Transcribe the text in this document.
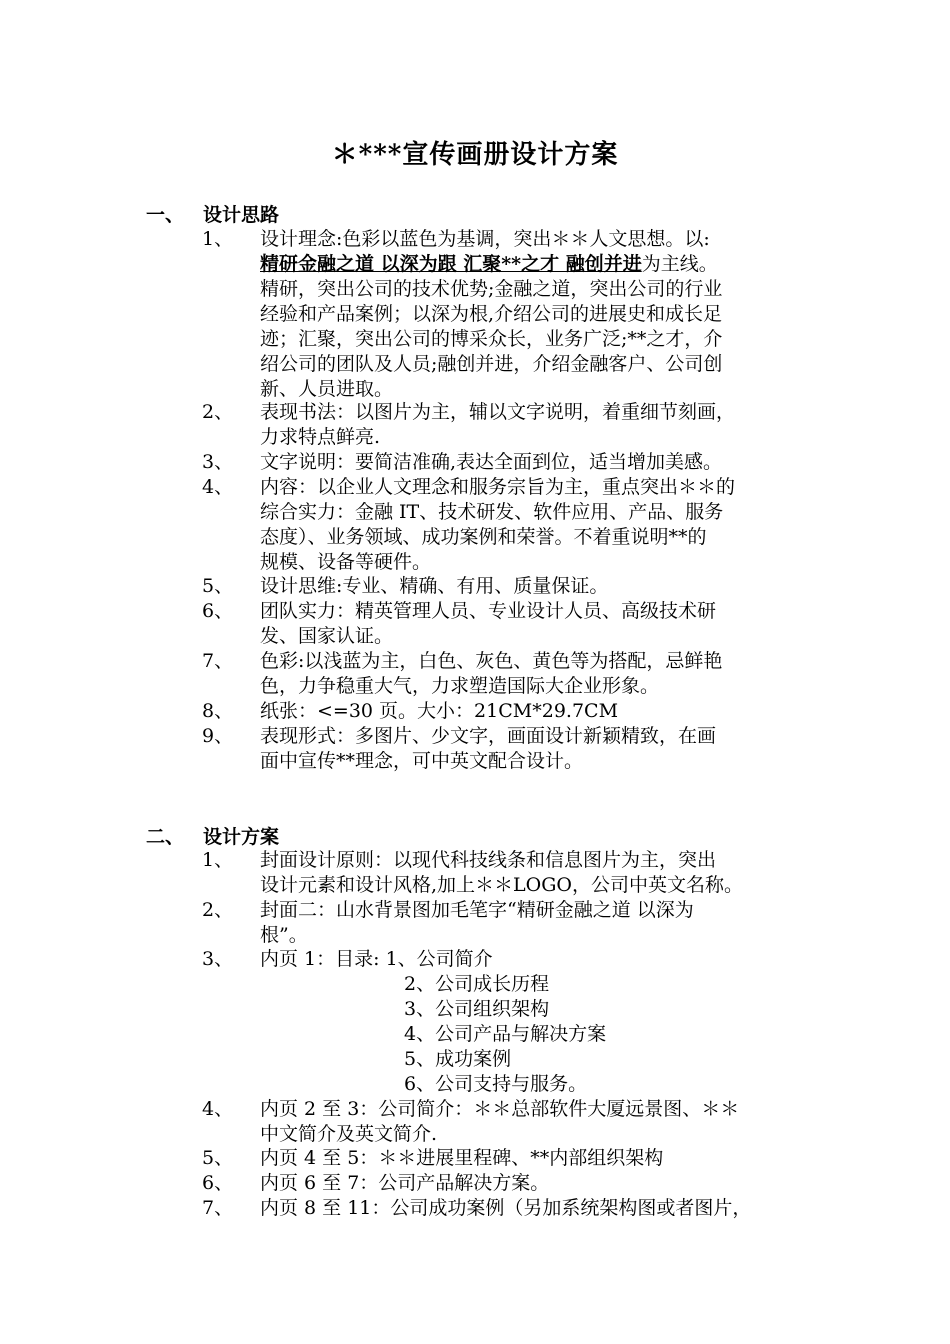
＊***宣传画册设计方案
一、 设计思路
1、	设计理念:色彩以蓝色为基调，突出＊＊人文思想。以:
精研金融之道 以深为跟 汇聚**之才 融创并进为主线。
精研，突出公司的技术优势;金融之道，突出公司的行业
经验和产品案例；以深为根,介绍公司的进展史和成长足
迹；汇聚，突出公司的博采众长，业务广泛;**之才，介
绍公司的团队及人员;融创并进，介绍金融客户、公司创
新、人员进取。
2、	表现书法：以图片为主，辅以文字说明，着重细节刻画，
力求特点鲜亮.
3、	文字说明：要简洁准确,表达全面到位，适当增加美感。
4、	内容：以企业人文理念和服务宗旨为主，重点突出＊＊的
综合实力：金融 IT、技术研发、软件应用、产品、服务
态度）、业务领域、成功案例和荣誉。不着重说明**的
规模、设备等硬件。
5、	设计思维:专业、精确、有用、质量保证。
6、	团队实力：精英管理人员、专业设计人员、高级技术研
发、国家认证。
7、	色彩:以浅蓝为主，白色、灰色、黄色等为搭配，忌鲜艳
色，力争稳重大气，力求塑造国际大企业形象。
8、	纸张：<=30 页。大小：21CM*29.7CM
9、	表现形式：多图片、少文字，画面设计新颖精致，在画
面中宣传**理念，可中英文配合设计。
二、 设计方案
1、	封面设计原则：以现代科技线条和信息图片为主，突出
设计元素和设计风格,加上＊＊LOGO，公司中英文名称。
2、	封面二：山水背景图加毛笔字“精研金融之道 以深为
根”。
3、	内页 1：目录: 1、公司简介
2、公司成长历程
3、公司组织架构
4、公司产品与解决方案
5、成功案例
6、公司支持与服务。
4、	内页 2 至 3：公司简介：＊＊总部软件大厦远景图、＊＊
中文简介及英文简介.
5、	内页 4 至 5：＊＊进展里程碑、**内部组织架构
6、	内页 6 至 7：公司产品解决方案。
7、	内页 8 至 11：公司成功案例（另加系统架构图或者图片，
